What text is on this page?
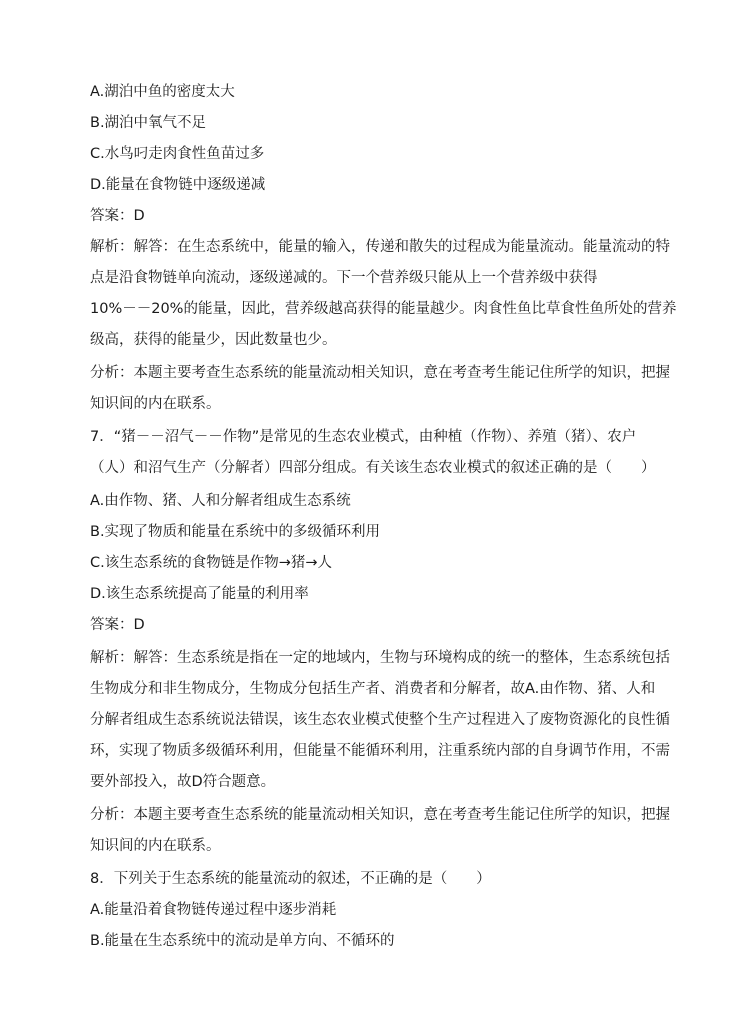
A.湖泊中鱼的密度太大
B.湖泊中氧气不足
C.水鸟叼走肉食性鱼苗过多
D.能量在食物链中逐级递减
答案：D
解析：解答：在生态系统中，能量的输入，传递和散失的过程成为能量流动。能量流动的特
点是沿食物链单向流动，逐级递减的。下一个营养级只能从上一个营养级中获得
10%－－20%的能量，因此，营养级越高获得的能量越少。肉食性鱼比草食性鱼所处的营养
级高，获得的能量少，因此数量也少。
分析：本题主要考查生态系统的能量流动相关知识，意在考查考生能记住所学的知识，把握
知识间的内在联系。
7．“猪－－沼气－－作物”是常见的生态农业模式，由种植（作物）、养殖（猪）、农户
（人）和沼气生产（分解者）四部分组成。有关该生态农业模式的叙述正确的是（　　）
A.由作物、猪、人和分解者组成生态系统
B.实现了物质和能量在系统中的多级循环利用
C.该生态系统的食物链是作物→猪→人
D.该生态系统提高了能量的利用率
答案：D
解析：解答：生态系统是指在一定的地域内，生物与环境构成的统一的整体，生态系统包括
生物成分和非生物成分，生物成分包括生产者、消费者和分解者，故A.由作物、猪、人和
分解者组成生态系统说法错误，该生态农业模式使整个生产过程进入了废物资源化的良性循
环，实现了物质多级循环利用，但能量不能循环利用，注重系统内部的自身调节作用，不需
要外部投入，故D符合题意。
分析：本题主要考查生态系统的能量流动相关知识，意在考查考生能记住所学的知识，把握
知识间的内在联系。
8．下列关于生态系统的能量流动的叙述，不正确的是（　　）
A.能量沿着食物链传递过程中逐步消耗
B.能量在生态系统中的流动是单方向、不循环的
